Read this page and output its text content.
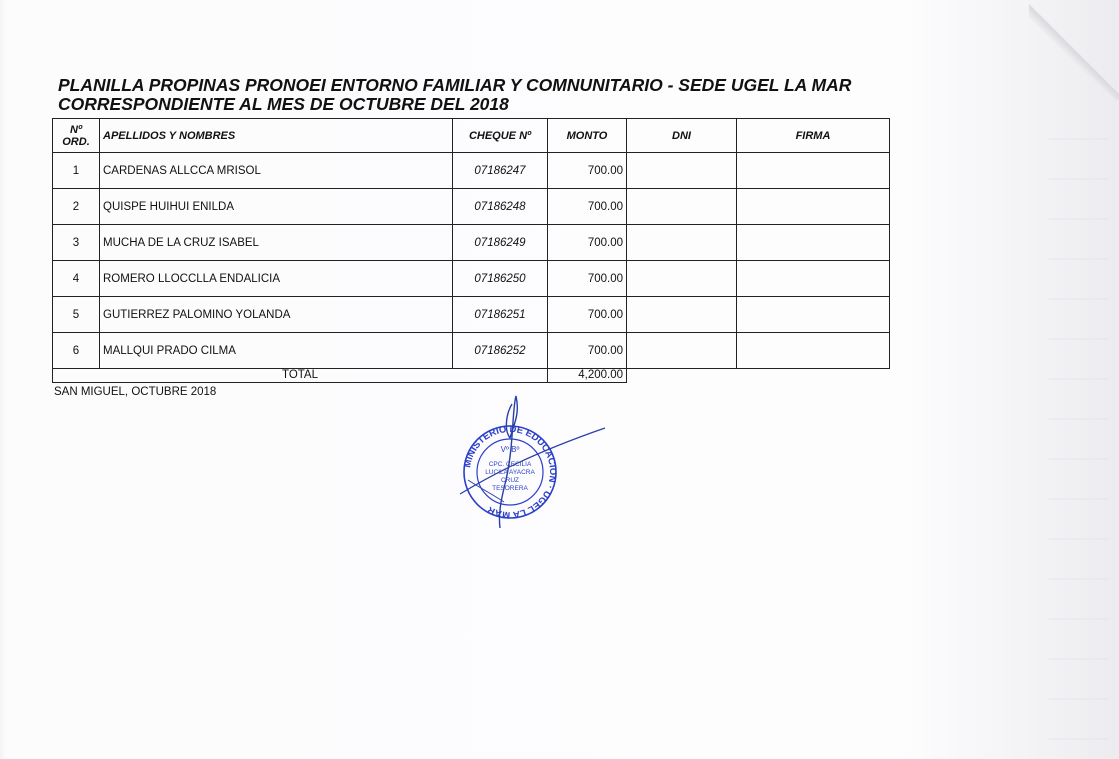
PLANILLA PROPINAS PRONOEI ENTORNO FAMILIAR Y COMNUNITARIO - SEDE UGEL LA MAR
CORRESPONDIENTE AL MES DE OCTUBRE DEL 2018
Nº ORD.	APELLIDOS Y NOMBRES	CHEQUE Nº	MONTO	DNI	FIRMA
1	CARDENAS ALLCCA MRISOL	07186247	700.00		
2	QUISPE HUIHUI ENILDA	07186248	700.00		
3	MUCHA DE LA CRUZ ISABEL	07186249	700.00		
4	ROMERO LLOCCLLA ENDALICIA	07186250	700.00		
5	GUTIERREZ PALOMINO YOLANDA	07186251	700.00		
6	MALLQUI PRADO CILMA	07186252	700.00		
TOTAL			4,200.00		
SAN MIGUEL, OCTUBRE 2018
MINISTERIO DE EDUCACION · UGEL LA MAR
Vº Bº
CPC. CECILIA
LUCILA AYACRA
CRUZ
TESORERA
